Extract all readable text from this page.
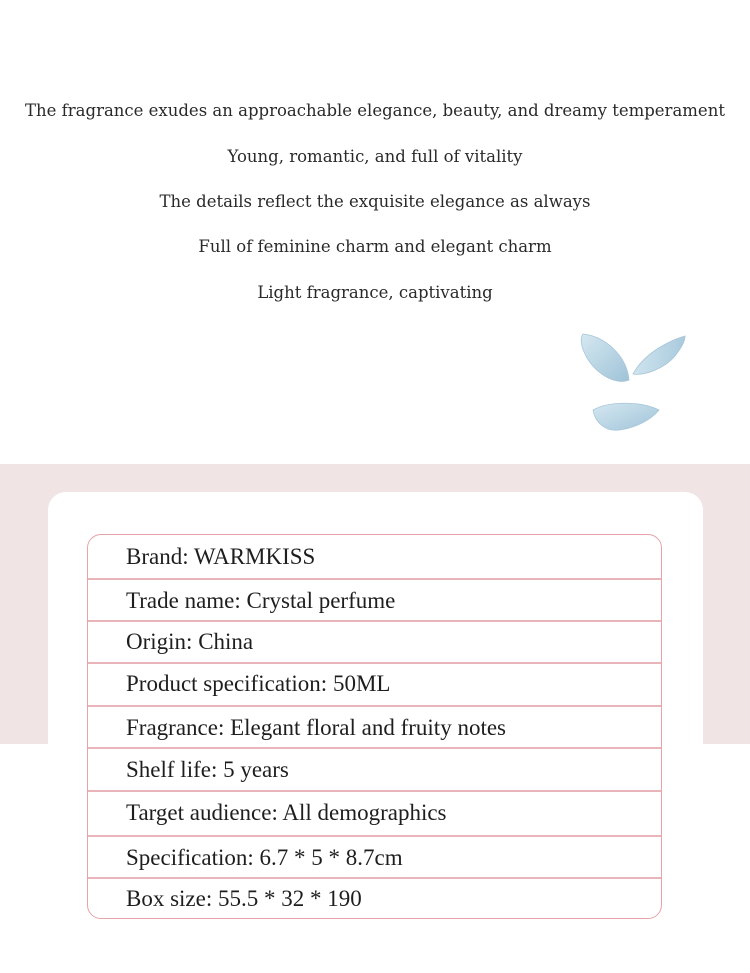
The fragrance exudes an approachable elegance, beauty, and dreamy temperament
Young, romantic, and full of vitality
The details reflect the exquisite elegance as always
Full of feminine charm and elegant charm
Light fragrance, captivating
Brand: WARMKISS
Trade name: Crystal perfume
Origin: China
Product specification: 50ML
Fragrance: Elegant floral and fruity notes
Shelf life: 5 years
Target audience: All demographics
Specification: 6.7 * 5 * 8.7cm
Box size: 55.5 * 32 * 190
